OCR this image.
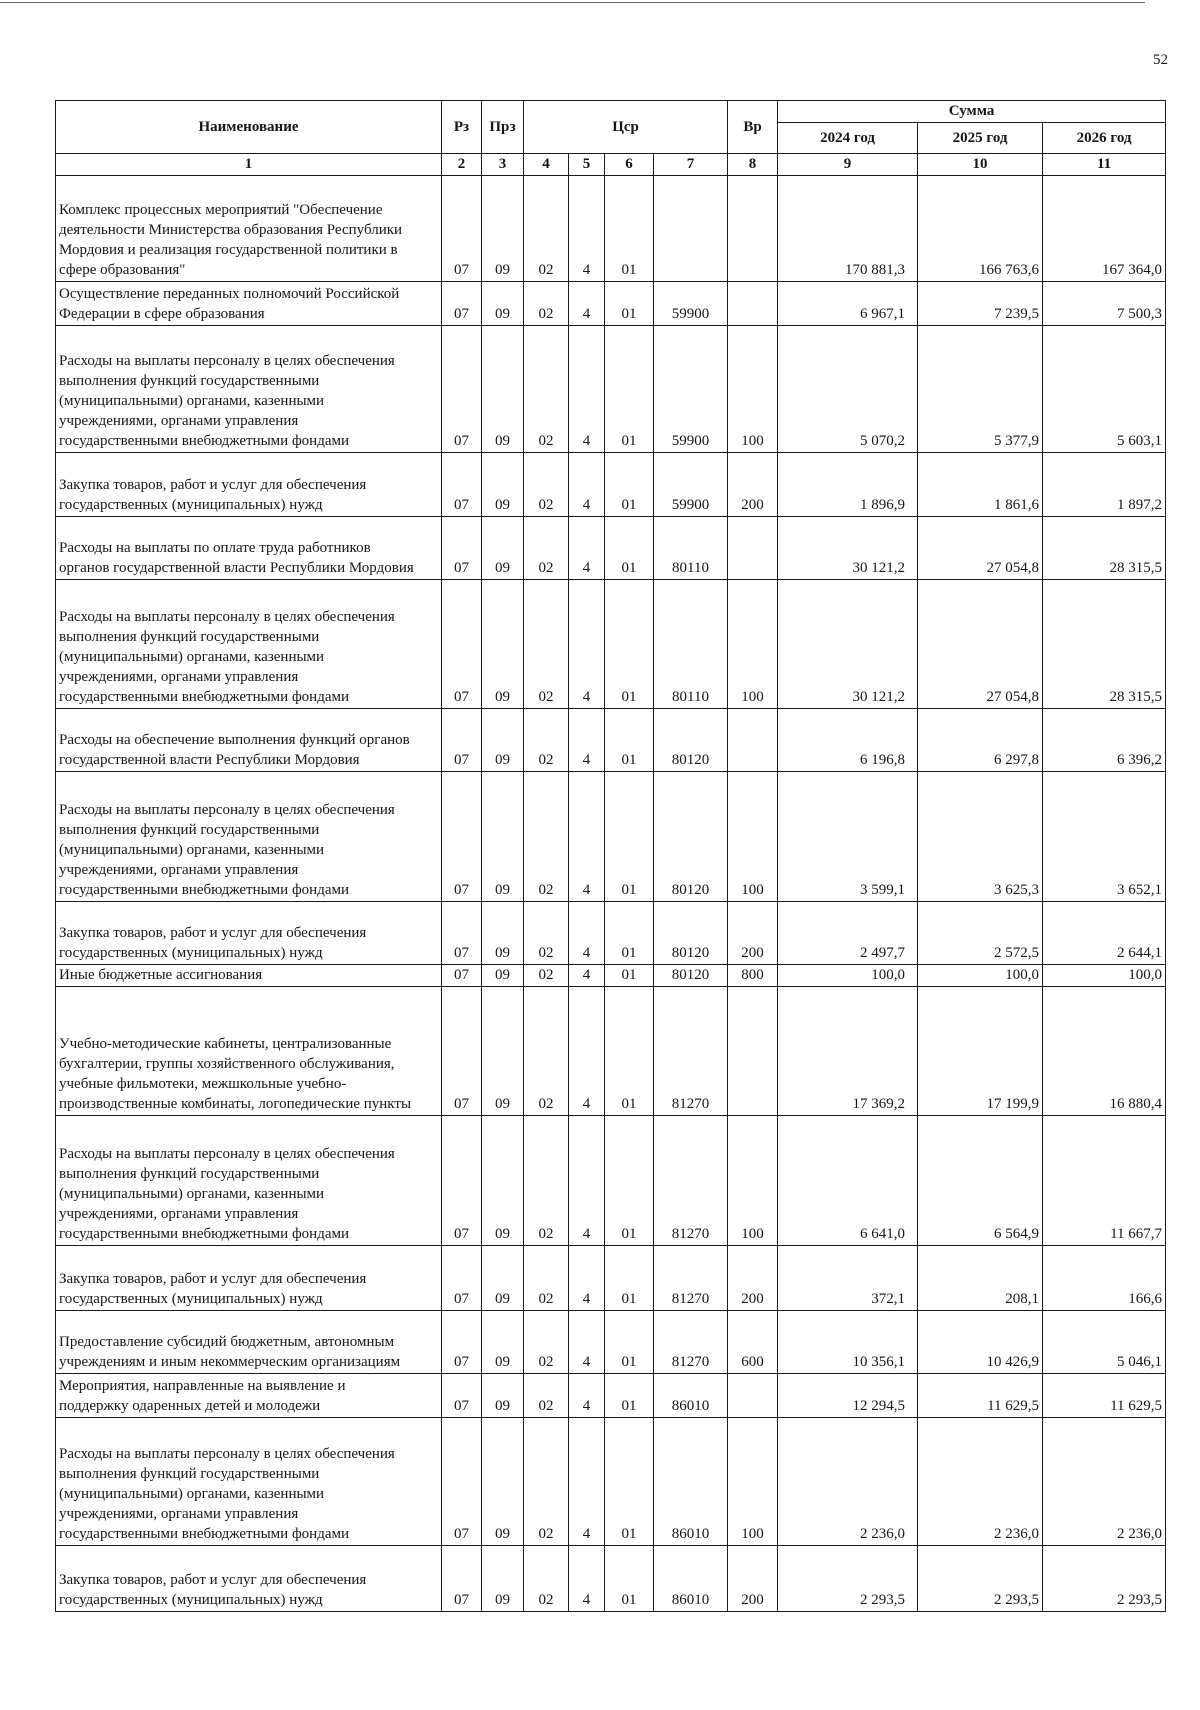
52
Наименование	Рз	Прз	Цср				Вр	Сумма		
								2024 год	2025 год	2026 год
1	2	3	4	5	6	7	8	9	10	11
Комплекс процессных мероприятий "Обеспечение
деятельности Министерства образования Республики
Мордовия и реализация государственной политики в
сфере образования"	07	09	02	4	01			170 881,3	166 763,6	167 364,0
Осуществление переданных полномочий Российской
Федерации в сфере образования	07	09	02	4	01	59900		6 967,1	7 239,5	7 500,3
Расходы на выплаты персоналу в целях обеспечения
выполнения функций государственными
(муниципальными) органами, казенными
учреждениями, органами управления
государственными внебюджетными фондами	07	09	02	4	01	59900	100	5 070,2	5 377,9	5 603,1
Закупка товаров, работ и услуг для обеспечения
государственных (муниципальных) нужд	07	09	02	4	01	59900	200	1 896,9	1 861,6	1 897,2
Расходы на выплаты по оплате труда работников
органов государственной власти Республики Мордовия	07	09	02	4	01	80110		30 121,2	27 054,8	28 315,5
Расходы на выплаты персоналу в целях обеспечения
выполнения функций государственными
(муниципальными) органами, казенными
учреждениями, органами управления
государственными внебюджетными фондами	07	09	02	4	01	80110	100	30 121,2	27 054,8	28 315,5
Расходы на обеспечение выполнения функций органов
государственной власти Республики Мордовия	07	09	02	4	01	80120		6 196,8	6 297,8	6 396,2
Расходы на выплаты персоналу в целях обеспечения
выполнения функций государственными
(муниципальными) органами, казенными
учреждениями, органами управления
государственными внебюджетными фондами	07	09	02	4	01	80120	100	3 599,1	3 625,3	3 652,1
Закупка товаров, работ и услуг для обеспечения
государственных (муниципальных) нужд	07	09	02	4	01	80120	200	2 497,7	2 572,5	2 644,1
Иные бюджетные ассигнования	07	09	02	4	01	80120	800	100,0	100,0	100,0
Учебно-методические кабинеты, централизованные
бухгалтерии, группы хозяйственного обслуживания,
учебные фильмотеки, межшкольные учебно-
производственные комбинаты, логопедические пункты	07	09	02	4	01	81270		17 369,2	17 199,9	16 880,4
Расходы на выплаты персоналу в целях обеспечения
выполнения функций государственными
(муниципальными) органами, казенными
учреждениями, органами управления
государственными внебюджетными фондами	07	09	02	4	01	81270	100	6 641,0	6 564,9	11 667,7
Закупка товаров, работ и услуг для обеспечения
государственных (муниципальных) нужд	07	09	02	4	01	81270	200	372,1	208,1	166,6
Предоставление субсидий бюджетным, автономным
учреждениям и иным некоммерческим организациям	07	09	02	4	01	81270	600	10 356,1	10 426,9	5 046,1
Мероприятия, направленные на выявление и
поддержку одаренных детей и молодежи	07	09	02	4	01	86010		12 294,5	11 629,5	11 629,5
Расходы на выплаты персоналу в целях обеспечения
выполнения функций государственными
(муниципальными) органами, казенными
учреждениями, органами управления
государственными внебюджетными фондами	07	09	02	4	01	86010	100	2 236,0	2 236,0	2 236,0
Закупка товаров, работ и услуг для обеспечения
государственных (муниципальных) нужд	07	09	02	4	01	86010	200	2 293,5	2 293,5	2 293,5
